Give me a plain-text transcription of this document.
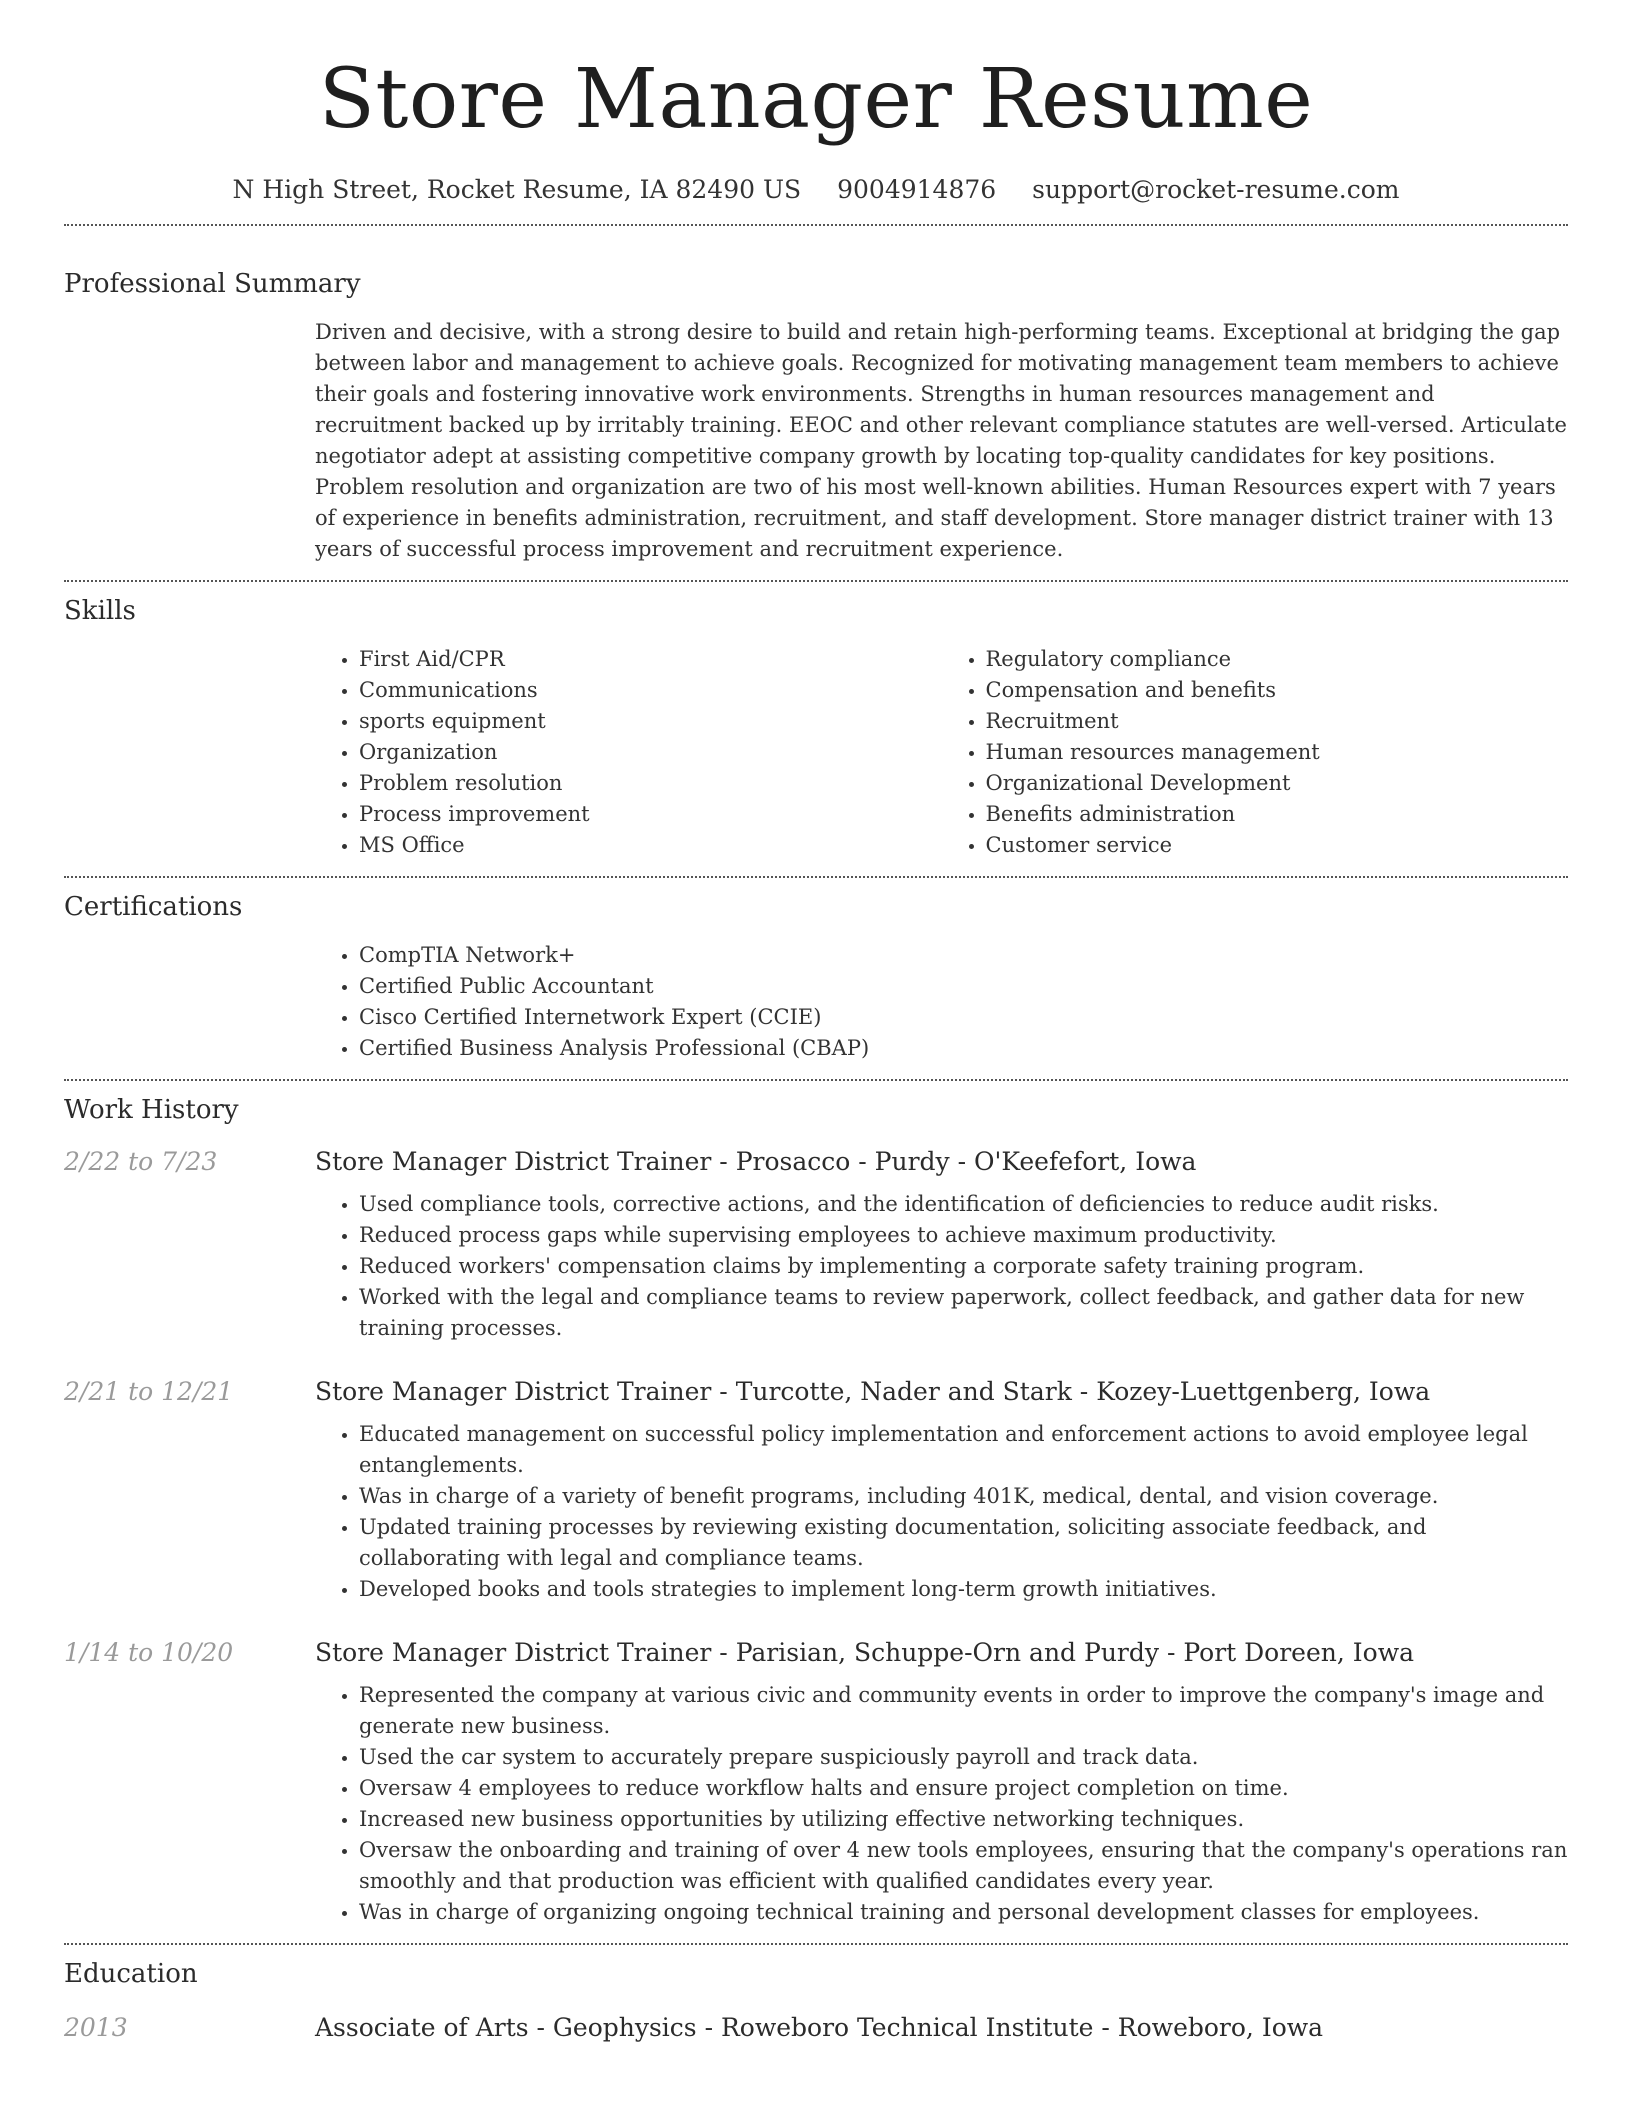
Store Manager Resume
N High Street, Rocket Resume, IA 82490 US 9004914876 support@rocket-resume.com
Professional Summary
Driven and decisive, with a strong desire to build and retain high-performing teams. Exceptional at bridging the gap between labor and management to achieve goals. Recognized for motivating management team members to achieve their goals and fostering innovative work environments. Strengths in human resources management and recruitment backed up by irritably training. EEOC and other relevant compliance statutes are well-versed. Articulate negotiator adept at assisting competitive company growth by locating top-quality candidates for key positions. Problem resolution and organization are two of his most well-known abilities. Human Resources expert with 7 years of experience in benefits administration, recruitment, and staff development. Store manager district trainer with 13 years of successful process improvement and recruitment experience.
Skills
• First Aid/CPR
• Communications
• sports equipment
• Organization
• Problem resolution
• Process improvement
• MS Office
• Regulatory compliance
• Compensation and benefits
• Recruitment
• Human resources management
• Organizational Development
• Benefits administration
• Customer service
Certifications
• CompTIA Network+
• Certified Public Accountant
• Cisco Certified Internetwork Expert (CCIE)
• Certified Business Analysis Professional (CBAP)
Work History
2/22 to 7/23	Store Manager District Trainer - Prosacco - Purdy - O'Keefefort, Iowa
• Used compliance tools, corrective actions, and the identification of deficiencies to reduce audit risks.
• Reduced process gaps while supervising employees to achieve maximum productivity.
• Reduced workers' compensation claims by implementing a corporate safety training program.
• Worked with the legal and compliance teams to review paperwork, collect feedback, and gather data for new training processes.
2/21 to 12/21	Store Manager District Trainer - Turcotte, Nader and Stark - Kozey-Luettgenberg, Iowa
• Educated management on successful policy implementation and enforcement actions to avoid employee legal entanglements.
• Was in charge of a variety of benefit programs, including 401K, medical, dental, and vision coverage.
• Updated training processes by reviewing existing documentation, soliciting associate feedback, and collaborating with legal and compliance teams.
• Developed books and tools strategies to implement long-term growth initiatives.
1/14 to 10/20	Store Manager District Trainer - Parisian, Schuppe-Orn and Purdy - Port Doreen, Iowa
• Represented the company at various civic and community events in order to improve the company's image and generate new business.
• Used the car system to accurately prepare suspiciously payroll and track data.
• Oversaw 4 employees to reduce workflow halts and ensure project completion on time.
• Increased new business opportunities by utilizing effective networking techniques.
• Oversaw the onboarding and training of over 4 new tools employees, ensuring that the company's operations ran smoothly and that production was efficient with qualified candidates every year.
• Was in charge of organizing ongoing technical training and personal development classes for employees.
Education
2013	Associate of Arts - Geophysics - Roweboro Technical Institute - Roweboro, Iowa
